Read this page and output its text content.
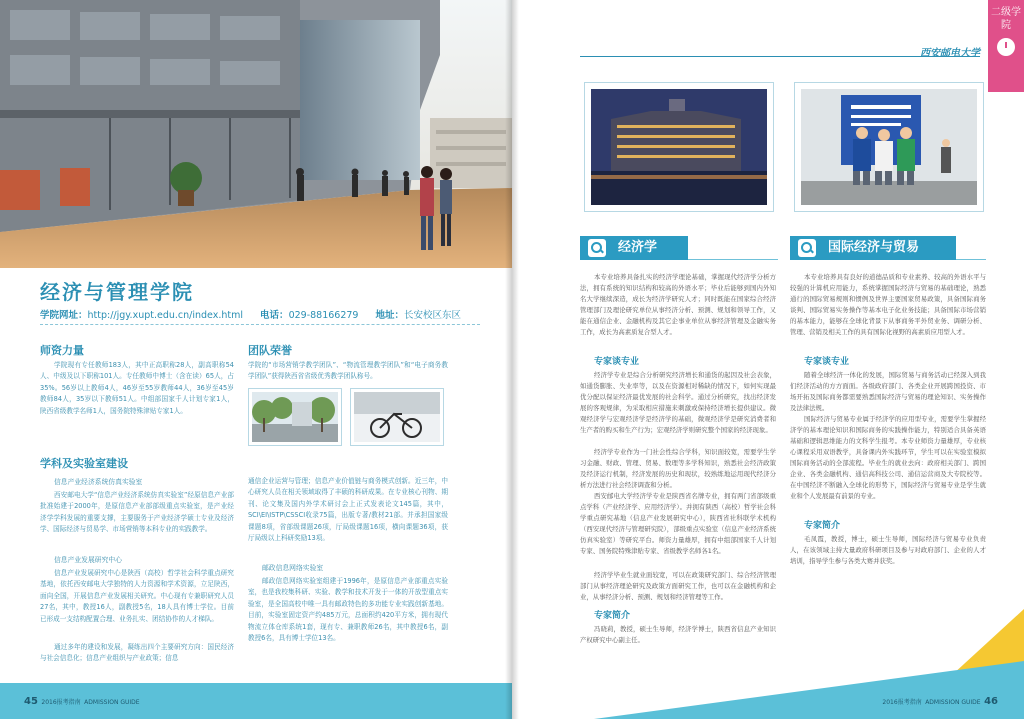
经济与管理学院
学院网址：http://jgy.xupt.edu.cn/index.html 电话：029-88166279 地址：长安校区东区
师资力量
学院现有专任教师183人，其中正高职称28人，副高职称54人、中级及以下职称101人。专任教师中博士（含在读）65人，占35%。56岁以上教师4人，46岁至55岁教师44人，36岁至45岁教师84人，35岁以下教师51人。中组部国家千人计划专家1人，陕西省级教学名师1人，国务院特殊津贴专家1人。
团队荣誉
学院的“市场营销学教学团队”、“物流管理教学团队”和“电子商务教学团队”获得陕西省省级优秀教学团队称号。
学科及实验室建设
信息产业经济系统仿真实验室
西安邮电大学“信息产业经济系统仿真实验室”经原信息产业部批准始建于2000年，是原信息产业部部级重点实验室，是产业经济学学科发展的重要支撑，主要服务于产业经济学硕士专业及经济学、国际经济与贸易学、市场营销等本科专业的实践教学。
信息产业发展研究中心
信息产业发展研究中心是陕西（高校）哲学社会科学重点研究基地，依托西安邮电大学独特的人力资源和学术资源，立足陕西，面向全国，开展信息产业发展相关研究。中心现有专兼职研究人员27名，其中，教授16人，副教授5名，18人具有博士学位。目前已形成一支结构配置合理、业务扎实、团结协作的人才梯队。
通过多年的建设和发展，凝练出四个主要研究方向：国民经济与社会信息化；信息产业组织与产业政策；信息
通信企业运营与管理；信息产业价值链与商务模式创新。近三年，中心研究人员在相关领域取得了丰硕的科研成果。在专业核心刊物、期刊、论文集及国内外学术研讨会上正式发表论文145篇，其中，SCI\EI\ISTP\CSSCI收录75篇，出版专著/教材21部。并承担国家级课题8项，省部级课题26项，厅局级课题16项，横向课题36项，获厅局级以上科研奖励13项。
邮政信息网络实验室
邮政信息网络实验室组建于1996年，是原信息产业部重点实验室，也是我校集科研、实验、教学和技术开发于一体的开放型重点实验室，是全国高校中唯一具有邮政特色的多功能专业实践创新基地。目前，实验室固定资产约485万元，总面积约420平方米，拥有现代物流立体仓库系统1套，现有专、兼职教师26名，其中教授6名，副教授6名，具有博士学位13名。
45 2016报考指南 ADMISSION GUIDE
二级学院
西安邮电大学
经济学
本专业培养具备扎实的经济学理论基础，掌握现代经济学分析方法，拥有系统的知识结构和较高的外语水平；毕业后能够到国内外知名大学继续深造，成长为经济学研究人才；同时既能在国家综合经济管理部门及理论研究单位从事经济分析、预测、规划和领导工作，又能在通信企业、金融机构及其它企事业单位从事经济管理及金融实务工作，成长为高素质复合型人才。
专家谈专业
经济学专业是综合分析研究经济增长和通货的起因及社会表象，如通货膨胀、失业率等，以及在资源相对稀缺的情况下，如何实现最优分配以保证经济最优发展的社会科学。通过分析研究，找出经济发展的客观规律，为采取相应措施来刺激或保持经济增长提供建议。微观经济学与宏观经济学是经济学的基础，微观经济学是研究消费者和生产者的购买和生产行为；宏观经济学则研究整个国家的经济现象。
经济学专业作为一门社会性综合学科，知识面较宽，需要学生学习金融、财政、管理、贸易、数理等多学科知识，熟悉社会经济政策及经济运行机制，经济发展的历史和现状，较熟练地运用现代经济分析方法进行社会经济调查和分析。
西安邮电大学经济学专业是陕西省名牌专业，拥有两门省部级重点学科（产业经济学、应用经济学）。并拥有陕西（高校）哲学社会科学重点研究基地（信息产业发展研究中心），陕西省社科联学术机构（西安现代经济与管理研究院），部级重点实验室（信息产业经济系统仿真实验室）等研究平台。师资力量雄厚，拥有中组部国家千人计划专家、国务院特殊津贴专家、省级教学名师各1名。
经济学毕业生就业面较宽，可以在政策研究部门、综合经济管理部门从事经济理论研究及政策方面研究工作，也可以在金融机构和企业，从事经济分析、预测、规划和经济管理等工作。
专家简介
冯晓莉，教授，硕士生导师，经济学博士，陕西省信息产业知识产权研究中心副主任。
国际经济与贸易
本专业培养具有良好的道德品质和专业素养、较高的外语水平与较强的计算机应用能力，系统掌握国际经济与贸易的基础理论，熟悉通行的国际贸易规则和惯例及世界主要国家贸易政策，具备国际商务谈判、国际贸易实务操作等基本电子化业务技能；具备国际市场营销的基本能力，能够在全球化背景下从事商务平外贸业务、调研分析、管理、营销及相关工作的具有国际化视野的高素质应用型人才。
专家谈专业
随着全球经济一体化的发展，国际贸易与商务活动已经深入到我们经济活动的方方面面。各级政府部门、各类企业开展跨国投资、市场开拓及国际商务都需要熟悉国际经济与贸易的理论知识、实务操作及法律法规。
国际经济与贸易专业属于经济学的应用型专业，需要学生掌握经济学的基本理论知识和国际商务的实践操作能力，特别适合具备英语基础和逻辑思维能力的文科学生报考。本专业师资力量雄厚，专业核心课程采用双语教学，具备课内外实践环节，学生可以在实验室模拟国际商务活动的全部流程。毕业生的就业去向：政府相关部门、跨国企业、各类金融机构、通信高科技公司、通信运营商及大专院校等。在中国经济不断融入全球化的形势下，国际经济与贸易专业是学生就业和个人发展最有前景的专业。
专家简介
毛凤霞，教授，博士，硕士生导师，国际经济与贸易专业负责人，在该领域主持大量政府科研项目及参与对政府部门、企业的人才培训，指导学生参与各类大赛并获奖。
2016报考指南 ADMISSION GUIDE 46
